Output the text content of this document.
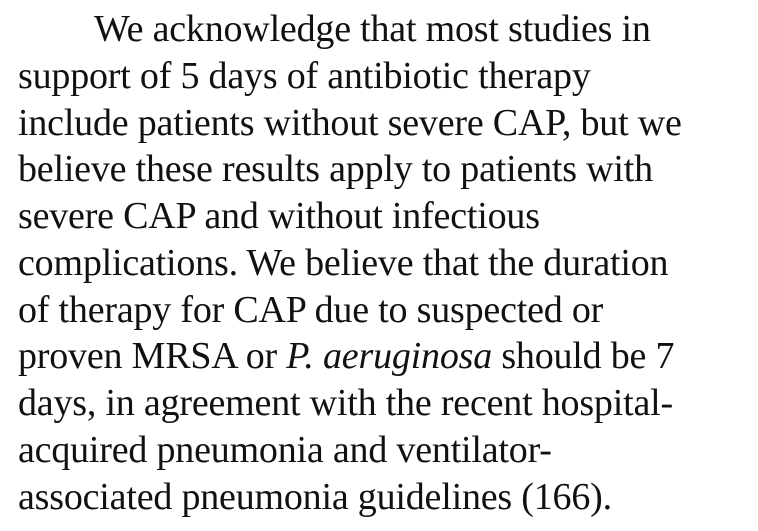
We acknowledge that most studies in
support of 5 days of antibiotic therapy
include patients without severe CAP, but we
believe these results apply to patients with
severe CAP and without infectious
complications. We believe that the duration
of therapy for CAP due to suspected or
proven MRSA or P. aeruginosa should be 7
days, in agreement with the recent hospital-
acquired pneumonia and ventilator-
associated pneumonia guidelines (166).
